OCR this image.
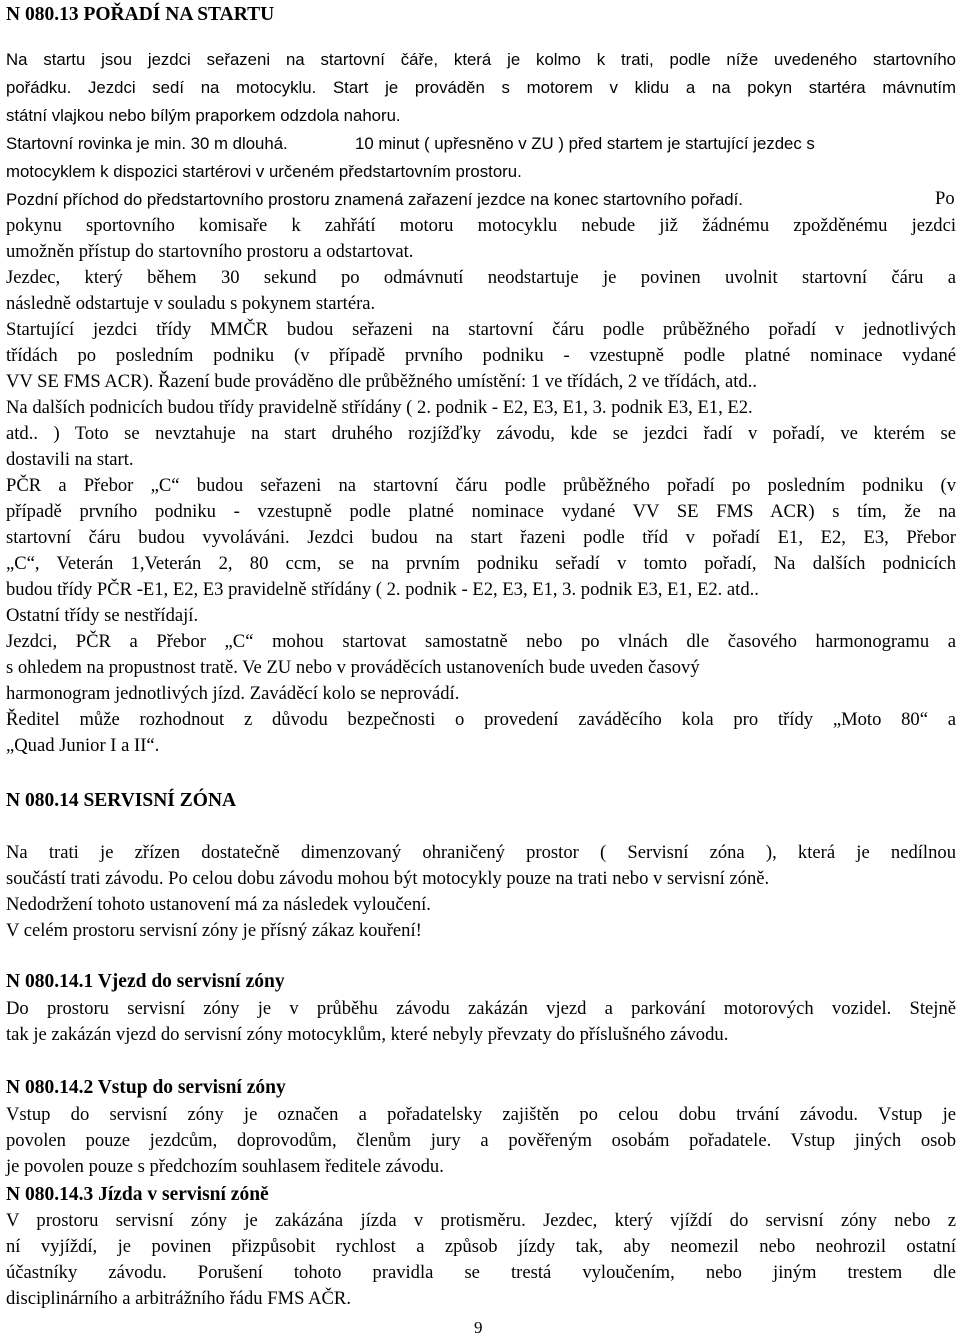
N 080.13 POŘADÍ NA STARTU
Na startu jsou jezdci seřazeni na startovní čáře, která je kolmo k trati, podle níže uvedeného startovního
pořádku. Jezdci sedí na motocyklu. Start je prováděn s motorem v klidu a na pokyn startéra mávnutím
státní vlajkou nebo bílým praporkem odzdola nahoru.
Startovní rovinka je min. 30 m dlouhá.	10 minut ( upřesněno v ZU ) před startem je startující jezdec s
motocyklem k dispozici startérovi v určeném předstartovním prostoru.
Pozdní příchod do předstartovního prostoru znamená zařazení jezdce na konec startovního pořadí.	Po
pokynu sportovního komisaře k zahřátí motoru motocyklu nebude již žádnému zpožděnému jezdci
umožněn přístup do startovního prostoru a odstartovat.
Jezdec, který během 30 sekund po odmávnutí neodstartuje je povinen uvolnit startovní čáru a
následně odstartuje v souladu s pokynem startéra.
Startující jezdci třídy MMČR budou seřazeni na startovní čáru podle průběžného pořadí v jednotlivých
třídách po posledním podniku (v případě prvního podniku - vzestupně podle platné nominace vydané
VV SE FMS ACR). Řazení bude prováděno dle průběžného umístění: 1 ve třídách, 2 ve třídách, atd..
Na dalších podnicích budou třídy pravidelně střídány ( 2. podnik - E2, E3, E1, 3. podnik E3, E1, E2.
atd.. ) Toto se nevztahuje na start druhého rozjížďky závodu, kde se jezdci řadí v pořadí, ve kterém se
dostavili na start.
PČR a Přebor „C“ budou seřazeni na startovní čáru podle průběžného pořadí po posledním podniku (v
případě prvního podniku - vzestupně podle platné nominace vydané VV SE FMS ACR) s tím, že na
startovní čáru budou vyvoláváni. Jezdci budou na start řazeni podle tříd v pořadí E1, E2, E3, Přebor
„C“, Veterán 1,Veterán 2, 80 ccm, se na prvním podniku seřadí v tomto pořadí, Na dalších podnicích
budou třídy PČR -E1, E2, E3 pravidelně střídány ( 2. podnik - E2, E3, E1, 3. podnik E3, E1, E2. atd..
Ostatní třídy se nestřídají.
Jezdci, PČR a Přebor „C“ mohou startovat samostatně nebo po vlnách dle časového harmonogramu a
s ohledem na propustnost tratě. Ve ZU nebo v prováděcích ustanoveních bude uveden časový
harmonogram jednotlivých jízd. Zaváděcí kolo se neprovádí.
Ředitel může rozhodnout z důvodu bezpečnosti o provedení zaváděcího kola pro třídy „Moto 80“ a
„Quad Junior I a II“.
N 080.14 SERVISNÍ ZÓNA
Na trati je zřízen dostatečně dimenzovaný ohraničený prostor ( Servisní zóna ), která je nedílnou
součástí trati závodu. Po celou dobu závodu mohou být motocykly pouze na trati nebo v servisní zóně.
Nedodržení tohoto ustanovení má za následek vyloučení.
V celém prostoru servisní zóny je přísný zákaz kouření!
N 080.14.1 Vjezd do servisní zóny
Do prostoru servisní zóny je v průběhu závodu zakázán vjezd a parkování motorových vozidel. Stejně
tak je zakázán vjezd do servisní zóny motocyklům, které nebyly převzaty do příslušného závodu.
N 080.14.2 Vstup do servisní zóny
Vstup do servisní zóny je označen a pořadatelsky zajištěn po celou dobu trvání závodu. Vstup je
povolen pouze jezdcům, doprovodům, členům jury a pověřeným osobám pořadatele. Vstup jiných osob
je povolen pouze s předchozím souhlasem ředitele závodu.
N 080.14.3 Jízda v servisní zóně
V prostoru servisní zóny je zakázána jízda v protisměru. Jezdec, který vjíždí do servisní zóny nebo z
ní vyjíždí, je povinen přizpůsobit rychlost a způsob jízdy tak, aby neomezil nebo neohrozil ostatní
účastníky závodu. Porušení tohoto pravidla se trestá vyloučením, nebo jiným trestem dle
disciplinárního a arbitrážního řádu FMS AČR.
9
